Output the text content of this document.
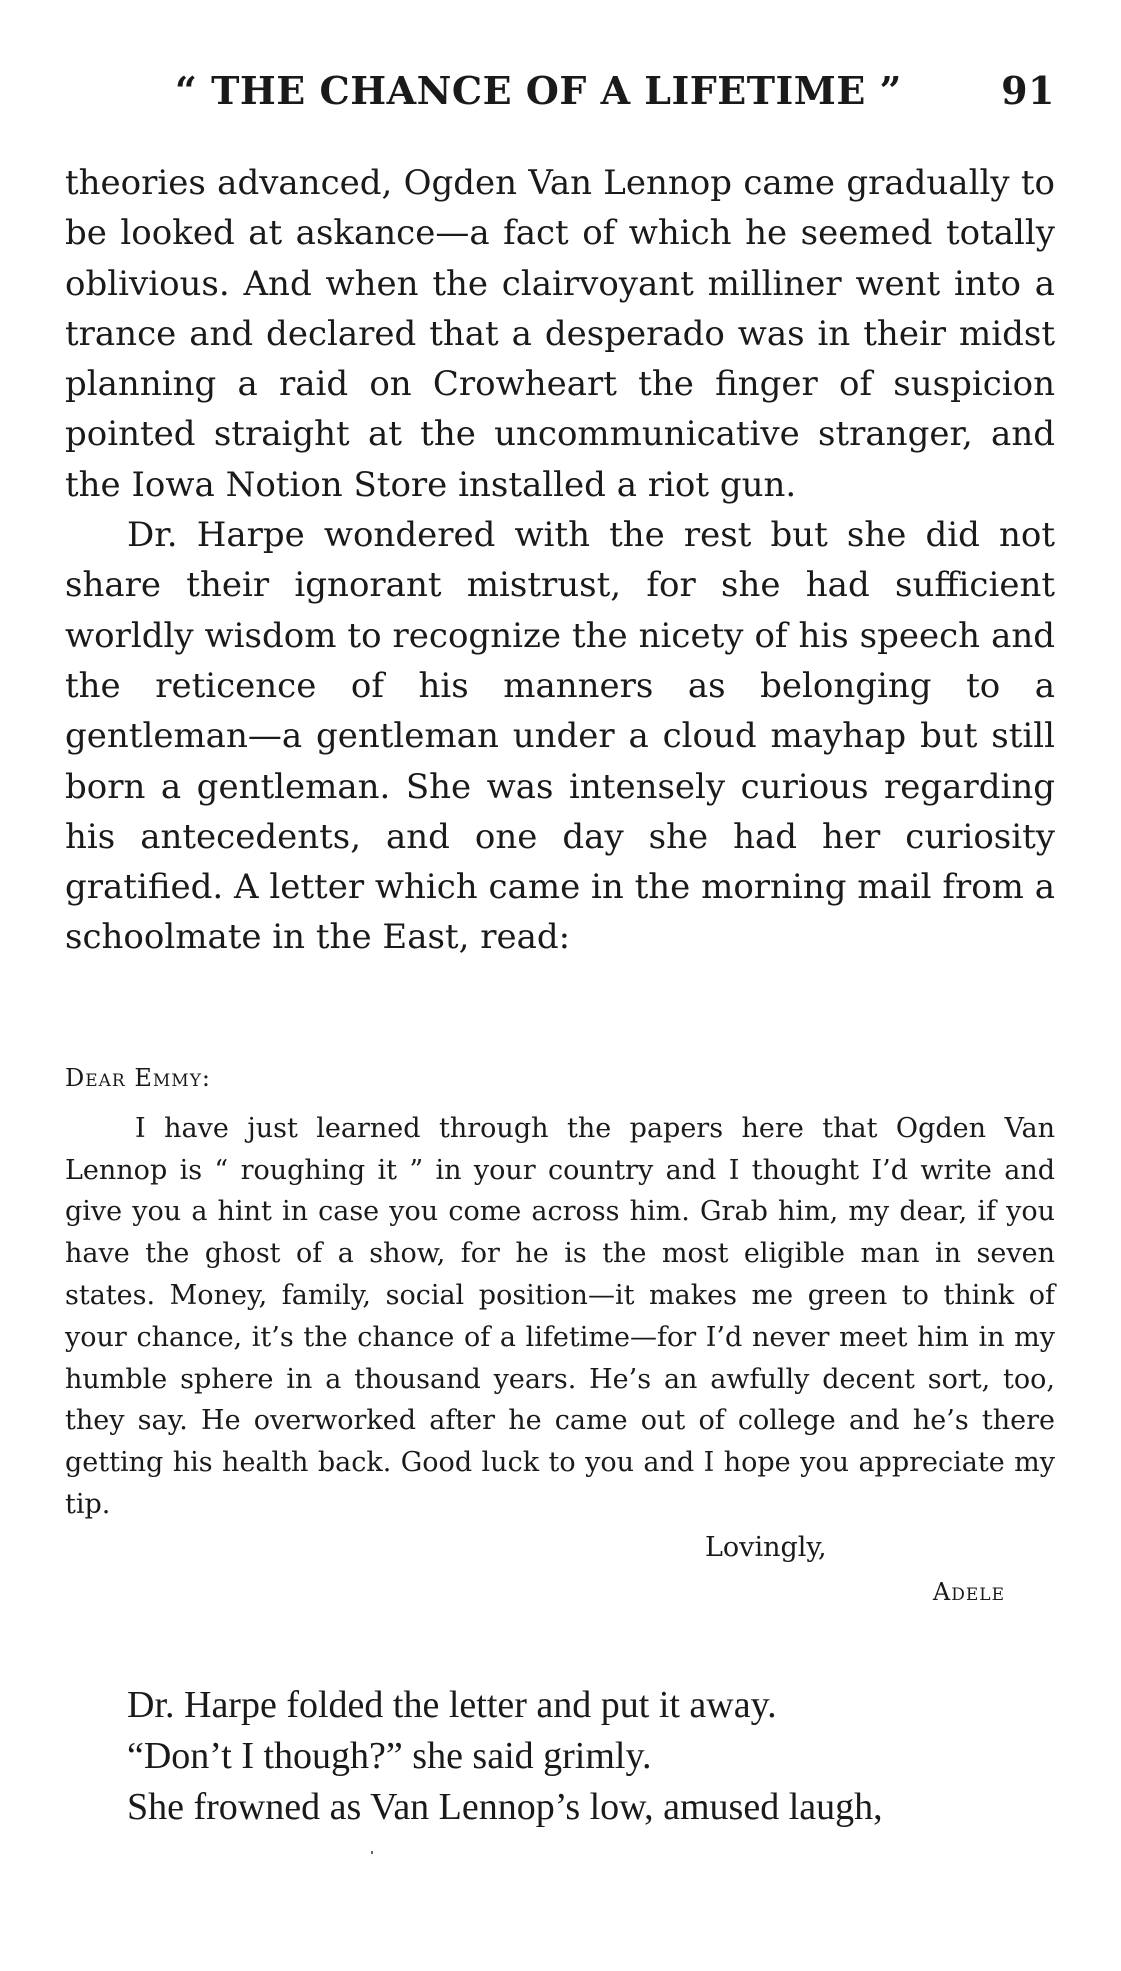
“ THE CHANCE OF A LIFETIME ”	91

theories advanced, Ogden Van Lennop came gradually to be looked at askance—a fact of which he seemed totally oblivious. And when the clairvoyant milliner went into a trance and declared that a desperado was in their midst planning a raid on Crowheart the finger of suspicion pointed straight at the uncommunicative stranger, and the Iowa Notion Store installed a riot gun.

Dr. Harpe wondered with the rest but she did not share their ignorant mistrust, for she had sufficient worldly wisdom to recognize the nicety of his speech and the reticence of his manners as belonging to a gentleman—a gentleman under a cloud mayhap but still born a gentleman. She was intensely curious regarding his antecedents, and one day she had her curiosity gratified. A letter which came in the morning mail from a schoolmate in the East, read:

Dear Emmy:

I have just learned through the papers here that Ogden Van Lennop is “ roughing it ” in your country and I thought I’d write and give you a hint in case you come across him. Grab him, my dear, if you have the ghost of a show, for he is the most eligible man in seven states. Money, family, social position—it makes me green to think of your chance, it’s the chance of a lifetime—for I’d never meet him in my humble sphere in a thousand years. He’s an awfully decent sort, too, they say. He overworked after he came out of college and he’s there getting his health back. Good luck to you and I hope you appreciate my tip.

Lovingly,

Adele

Dr. Harpe folded the letter and put it away.

“Don’t I though?” she said grimly.

She frowned as Van Lennop’s low, amused laugh,
